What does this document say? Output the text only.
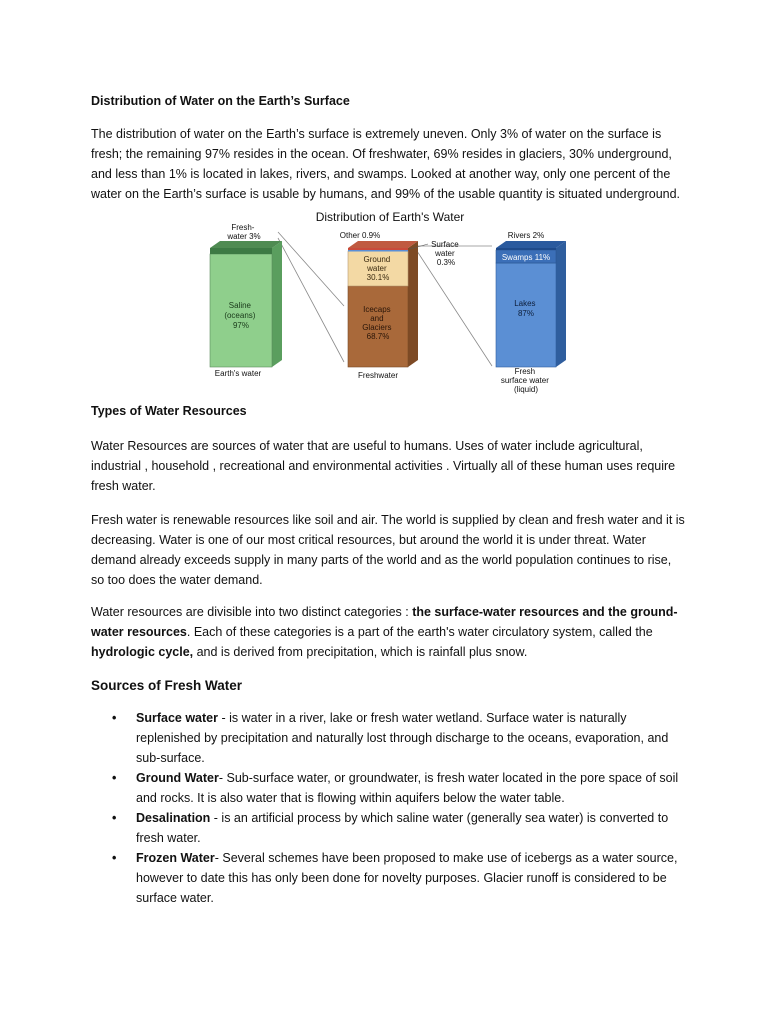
Distribution of Water on the Earth’s Surface
The distribution of water on the Earth’s surface is extremely uneven. Only 3% of water on the surface is fresh; the remaining 97% resides in the ocean. Of freshwater, 69% resides in glaciers, 30% underground, and less than 1% is located in lakes, rivers, and swamps. Looked at another way, only one percent of the water on the Earth’s surface is usable by humans, and 99% of the usable quantity is situated underground.
Distribution of Earth's Water
Saline (oceans) 97%
Fresh- water 3%
Earth's water
Ground water 30.1%
Icecaps and Glaciers 68.7%
Other 0.9%
Surface water 0.3%
Freshwater
Swamps 11%
Lakes 87%
Rivers 2%
Fresh surface water (liquid)
Types of Water Resources
Water Resources are sources of water that are useful to humans. Uses of water include agricultural, industrial , household , recreational and environmental activities . Virtually all of these human uses require fresh water.
Fresh water is renewable resources like soil and air. The world is supplied by clean and fresh water and it is decreasing. Water is one of our most critical resources, but around the world it is under threat. Water demand already exceeds supply in many parts of the world and as the world population continues to rise, so too does the water demand.
Water resources are divisible into two distinct categories : the surface-water resources and the ground-water resources. Each of these categories is a part of the earth's water circulatory system, called the hydrologic cycle, and is derived from precipitation, which is rainfall plus snow.
Sources of Fresh Water
• Surface water - is water in a river, lake or fresh water wetland. Surface water is naturally replenished by precipitation and naturally lost through discharge to the oceans, evaporation, and sub-surface.
• Ground Water- Sub-surface water, or groundwater, is fresh water located in the pore space of soil and rocks. It is also water that is flowing within aquifers below the water table.
• Desalination - is an artificial process by which saline water (generally sea water) is converted to fresh water.
• Frozen Water- Several schemes have been proposed to make use of icebergs as a water source, however to date this has only been done for novelty purposes. Glacier runoff is considered to be surface water.
